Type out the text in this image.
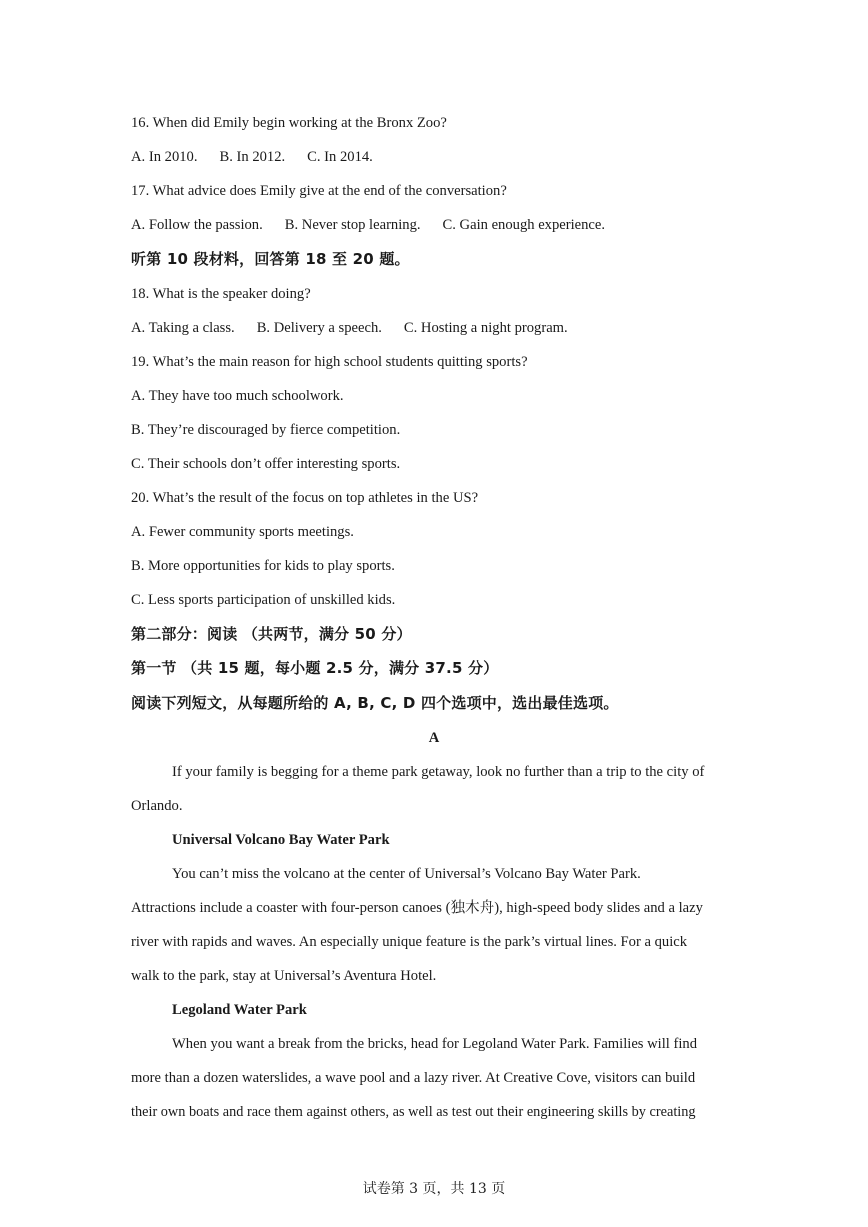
16. When did Emily begin working at the Bronx Zoo?
A. In 2010. B. In 2012. C. In 2014.
17. What advice does Emily give at the end of the conversation?
A. Follow the passion. B. Never stop learning. C. Gain enough experience.
听第 10 段材料，回答第 18 至 20 题。
18. What is the speaker doing?
A. Taking a class. B. Delivery a speech. C. Hosting a night program.
19. What’s the main reason for high school students quitting sports?
A. They have too much schoolwork.
B. They’re discouraged by fierce competition.
C. Their schools don’t offer interesting sports.
20. What’s the result of the focus on top athletes in the US?
A. Fewer community sports meetings.
B. More opportunities for kids to play sports.
C. Less sports participation of unskilled kids.
第二部分：阅读 （共两节，满分 50 分）
第一节 （共 15 题，每小题 2.5 分，满分 37.5 分）
阅读下列短文，从每题所给的 A, B, C, D 四个选项中，选出最佳选项。
A
If your family is begging for a theme park getaway, look no further than a trip to the city of
Orlando.
Universal Volcano Bay Water Park
You can’t miss the volcano at the center of Universal’s Volcano Bay Water Park.
Attractions include a coaster with four-person canoes (独木舟), high-speed body slides and a lazy
river with rapids and waves. An especially unique feature is the park’s virtual lines. For a quick
walk to the park, stay at Universal’s Aventura Hotel.
Legoland Water Park
When you want a break from the bricks, head for Legoland Water Park. Families will find
more than a dozen waterslides, a wave pool and a lazy river. At Creative Cove, visitors can build
their own boats and race them against others, as well as test out their engineering skills by creating
试卷第 3 页，共 13 页
